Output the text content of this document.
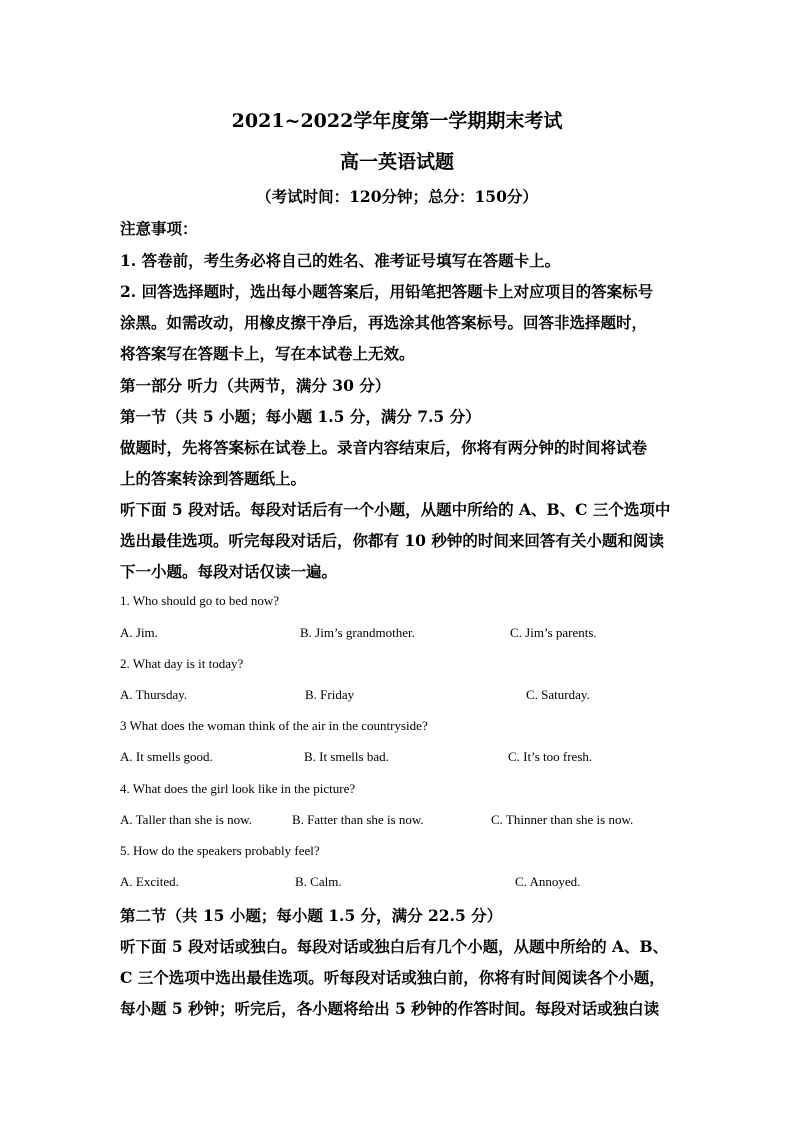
2021~2022学年度第一学期期末考试
高一英语试题
（考试时间：120分钟；总分：150分）
注意事项：
1. 答卷前，考生务必将自己的姓名、准考证号填写在答题卡上。
2. 回答选择题时，选出每小题答案后，用铅笔把答题卡上对应项目的答案标号
涂黑。如需改动，用橡皮擦干净后，再选涂其他答案标号。回答非选择题时，
将答案写在答题卡上，写在本试卷上无效。
第一部分 听力（共两节，满分 30 分）
第一节（共 5 小题；每小题 1.5 分，满分 7.5 分）
做题时，先将答案标在试卷上。录音内容结束后，你将有两分钟的时间将试卷
上的答案转涂到答题纸上。
听下面 5 段对话。每段对话后有一个小题，从题中所给的 A、B、C 三个选项中
选出最佳选项。听完每段对话后，你都有 10 秒钟的时间来回答有关小题和阅读
下一小题。每段对话仅读一遍。
1. Who should go to bed now?
A. Jim.	B. Jim’s grandmother.	C. Jim’s parents.
2. What day is it today?
A. Thursday.	B. Friday	C. Saturday.
3 What does the woman think of the air in the countryside?
A. It smells good.	B. It smells bad.	C. It’s too fresh.
4. What does the girl look like in the picture?
A. Taller than she is now.	B. Fatter than she is now.	C. Thinner than she is now.
5. How do the speakers probably feel?
A. Excited.	B. Calm.	C. Annoyed.
第二节（共 15 小题；每小题 1.5 分，满分 22.5 分）
听下面 5 段对话或独白。每段对话或独白后有几个小题，从题中所给的 A、B、
C 三个选项中选出最佳选项。听每段对话或独白前，你将有时间阅读各个小题，
每小题 5 秒钟；听完后，各小题将给出 5 秒钟的作答时间。每段对话或独白读
